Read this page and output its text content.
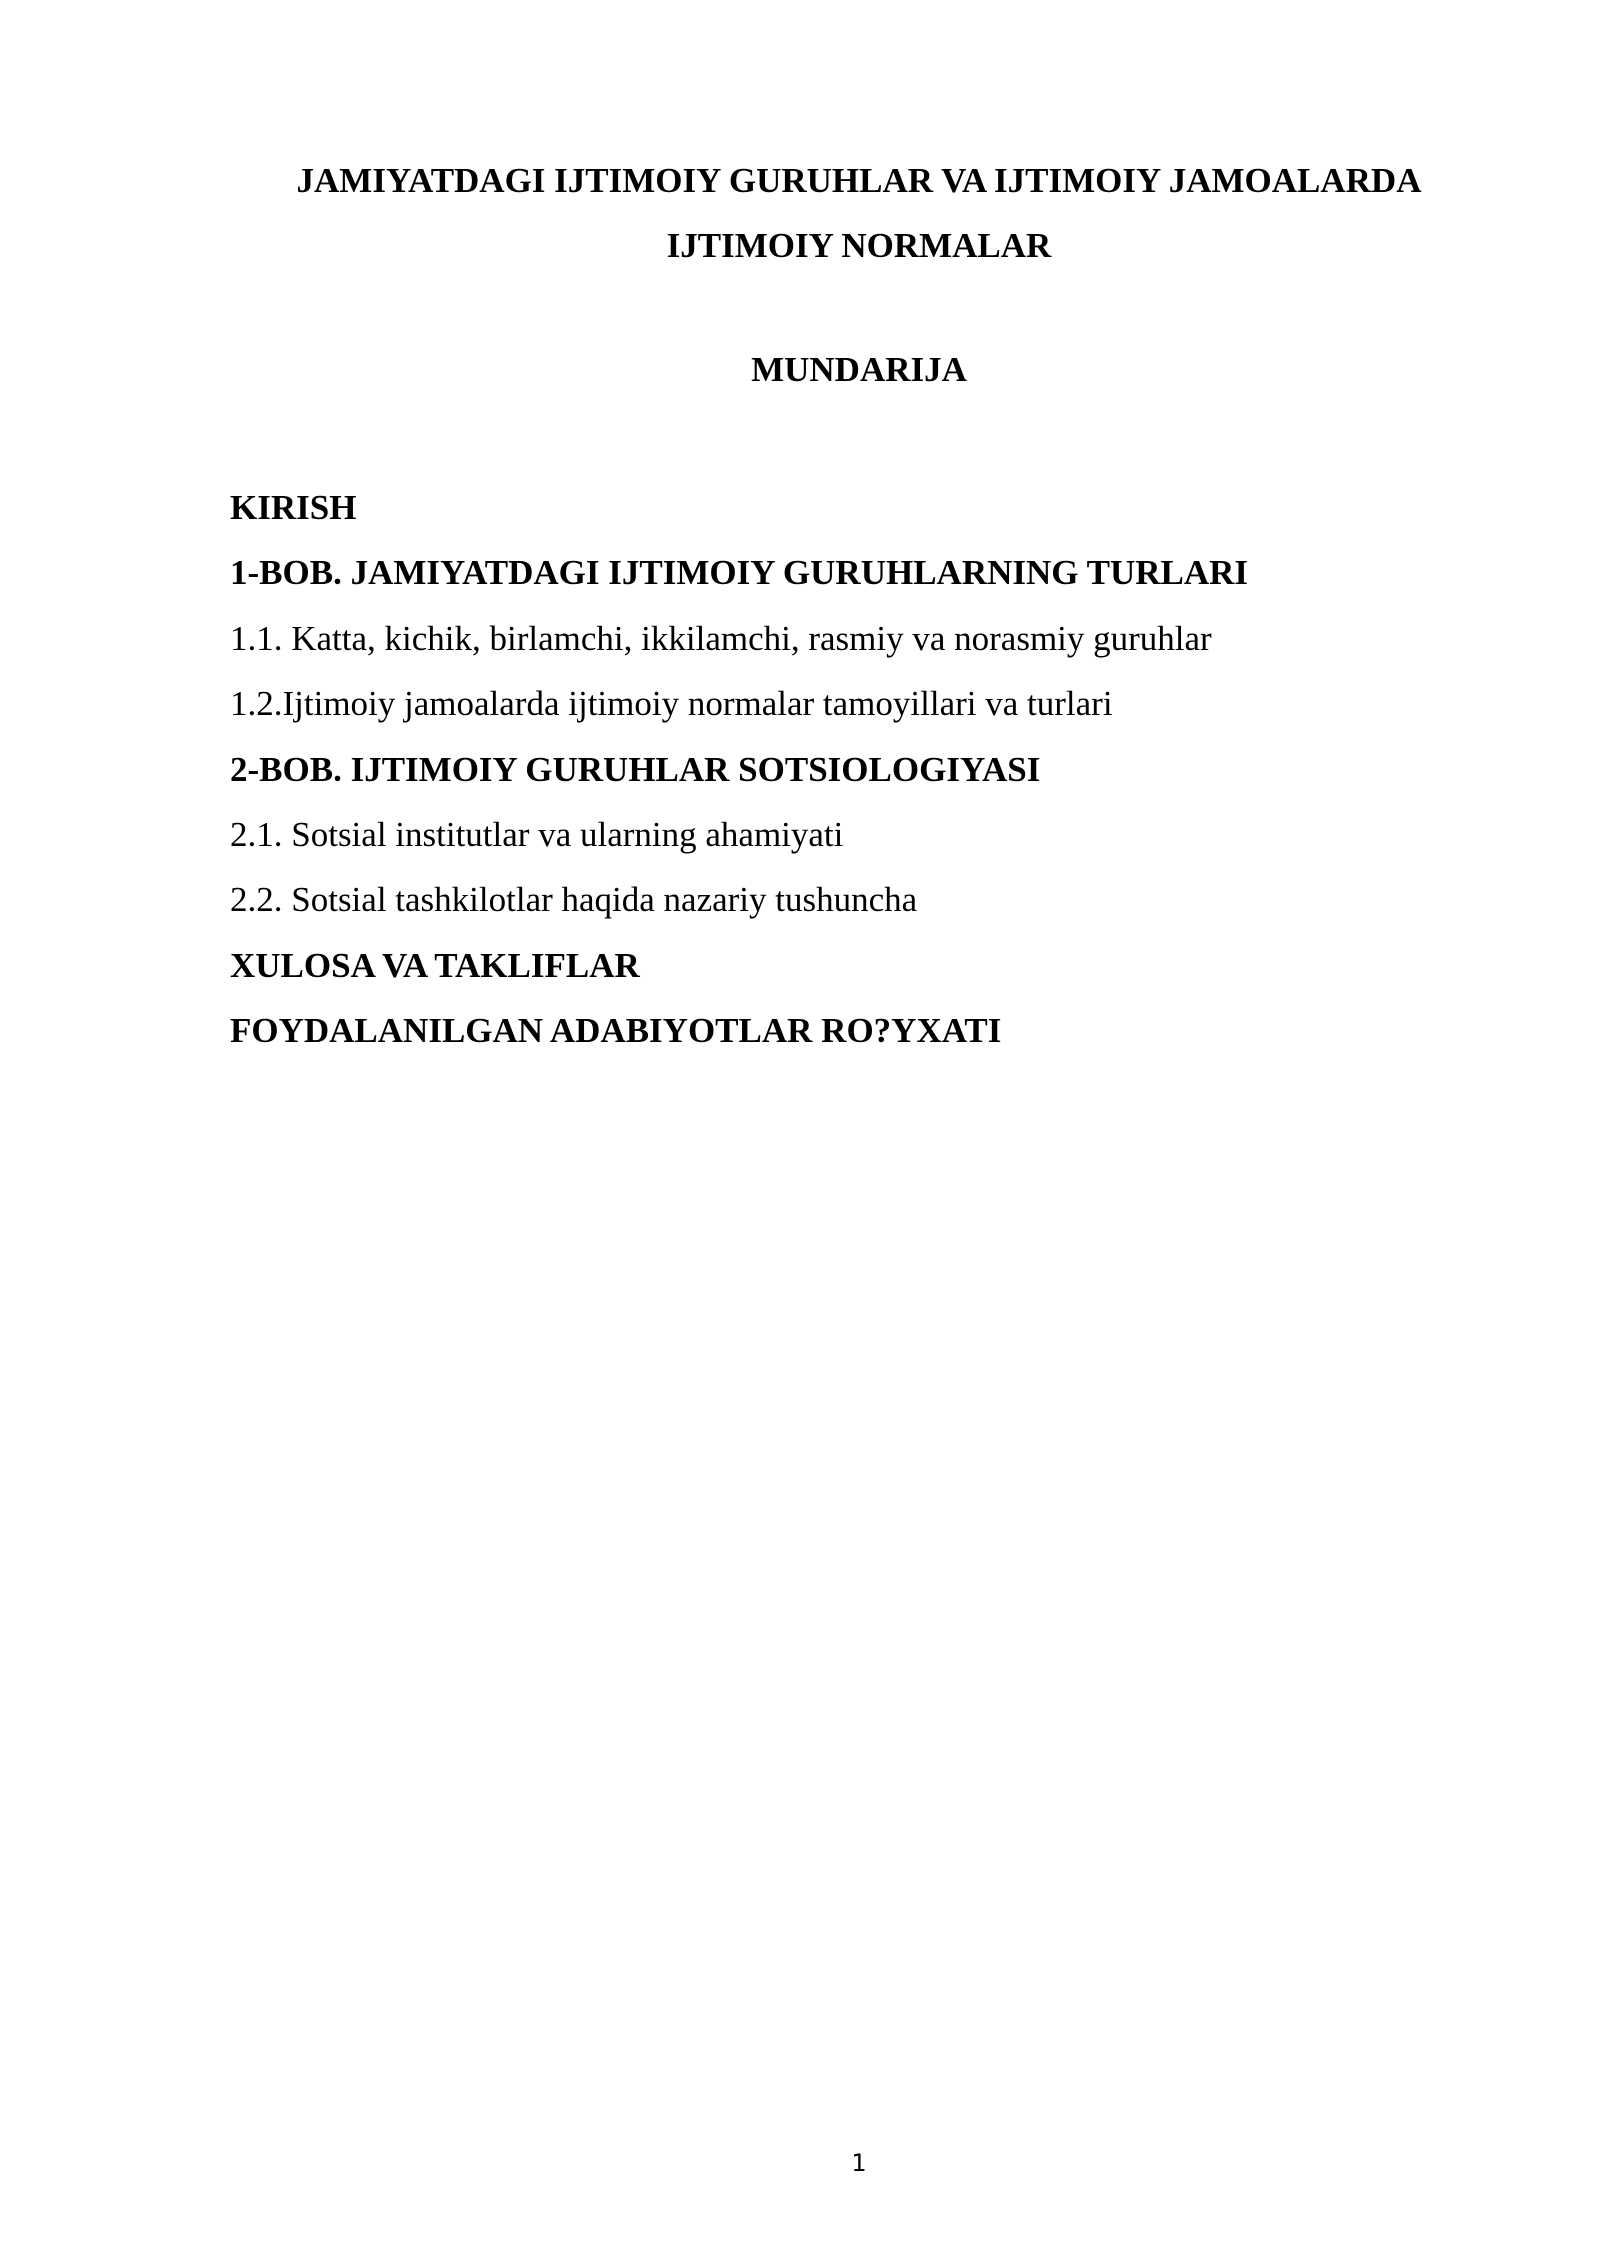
JAMIYATDAGI IJTIMOIY GURUHLAR VA IJTIMOIY JAMOALARDA
IJTIMOIY NORMALAR
MUNDARIJA
KIRISH
1-BOB. JAMIYATDAGI IJTIMOIY GURUHLARNING TURLARI
1.1. Katta, kichik, birlamchi, ikkilamchi, rasmiy va norasmiy guruhlar
1.2.Ijtimoiy jamoalarda ijtimoiy normalar tamoyillari va turlari
2-BOB. IJTIMOIY GURUHLAR SOTSIOLOGIYASI
2.1. Sotsial institutlar va ularning ahamiyati
2.2. Sotsial tashkilotlar haqida nazariy tushuncha
XULOSA VA TAKLIFLAR
FOYDALANILGAN ADABIYOTLAR RO?YXATI
1
